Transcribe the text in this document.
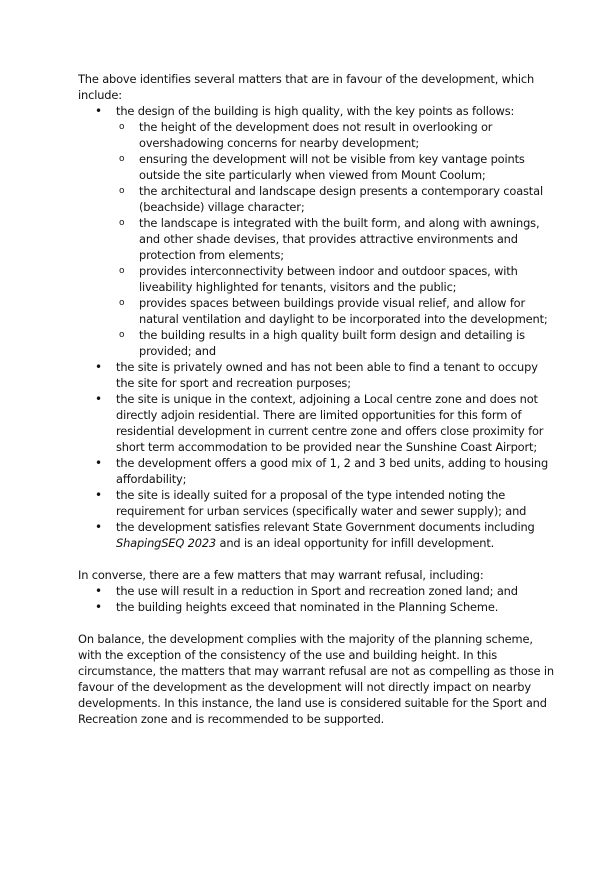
The above identifies several matters that are in favour of the development, which include:

• the design of the building is high quality, with the key points as follows:
o the height of the development does not result in overlooking or overshadowing concerns for nearby development;
o ensuring the development will not be visible from key vantage points outside the site particularly when viewed from Mount Coolum;
o the architectural and landscape design presents a contemporary coastal (beachside) village character;
o the landscape is integrated with the built form, and along with awnings, and other shade devises, that provides attractive environments and protection from elements;
o provides interconnectivity between indoor and outdoor spaces, with liveability highlighted for tenants, visitors and the public;
o provides spaces between buildings provide visual relief, and allow for natural ventilation and daylight to be incorporated into the development;
o the building results in a high quality built form design and detailing is provided; and
• the site is privately owned and has not been able to find a tenant to occupy the site for sport and recreation purposes;
• the site is unique in the context, adjoining a Local centre zone and does not directly adjoin residential. There are limited opportunities for this form of residential development in current centre zone and offers close proximity for short term accommodation to be provided near the Sunshine Coast Airport;
• the development offers a good mix of 1, 2 and 3 bed units, adding to housing affordability;
• the site is ideally suited for a proposal of the type intended noting the requirement for urban services (specifically water and sewer supply); and
• the development satisfies relevant State Government documents including ShapingSEQ 2023 and is an ideal opportunity for infill development.

In converse, there are a few matters that may warrant refusal, including:

• the use will result in a reduction in Sport and recreation zoned land; and
• the building heights exceed that nominated in the Planning Scheme.

On balance, the development complies with the majority of the planning scheme, with the exception of the consistency of the use and building height. In this circumstance, the matters that may warrant refusal are not as compelling as those in favour of the development as the development will not directly impact on nearby developments. In this instance, the land use is considered suitable for the Sport and Recreation zone and is recommended to be supported.
